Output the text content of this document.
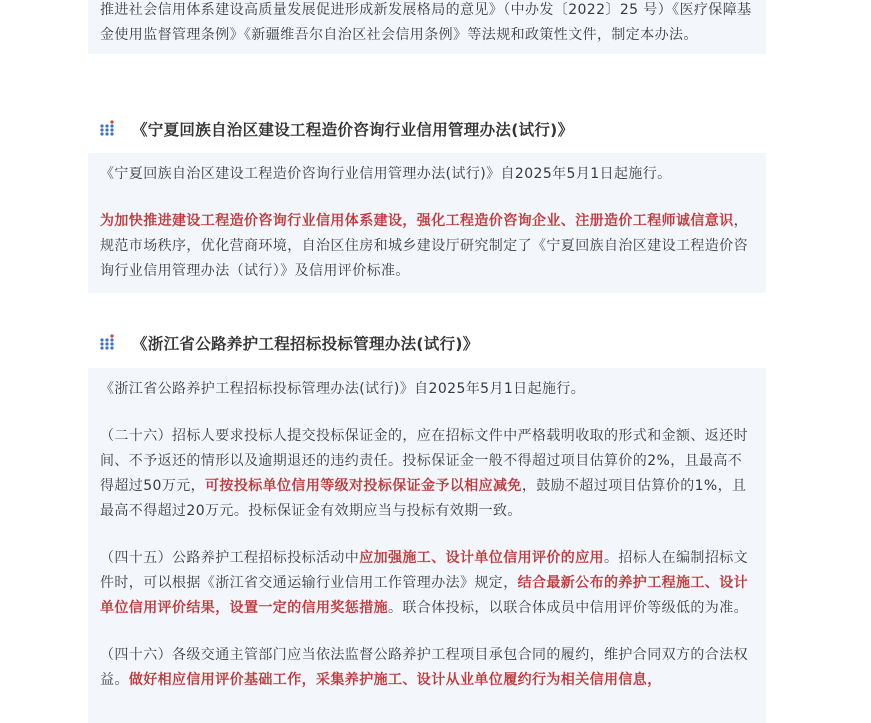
推进社会信用体系建设高质量发展促进形成新发展格局的意见》（中办发〔2022〕25 号）《医疗保障基金使用监督管理条例》《新疆维吾尔自治区社会信用条例》等法规和政策性文件，制定本办法。

《宁夏回族自治区建设工程造价咨询行业信用管理办法(试行)》

《宁夏回族自治区建设工程造价咨询行业信用管理办法(试行)》自2025年5月1日起施行。

为加快推进建设工程造价咨询行业信用体系建设，强化工程造价咨询企业、注册造价工程师诚信意识，规范市场秩序，优化营商环境，自治区住房和城乡建设厅研究制定了《宁夏回族自治区建设工程造价咨询行业信用管理办法（试行）》及信用评价标准。

《浙江省公路养护工程招标投标管理办法(试行)》

《浙江省公路养护工程招标投标管理办法(试行)》自2025年5月1日起施行。

（二十六）招标人要求投标人提交投标保证金的，应在招标文件中严格载明收取的形式和金额、返还时间、不予返还的情形以及逾期退还的违约责任。投标保证金一般不得超过项目估算价的2%，且最高不得超过50万元，可按投标单位信用等级对投标保证金予以相应减免，鼓励不超过项目估算价的1%，且最高不得超过20万元。投标保证金有效期应当与投标有效期一致。

（四十五）公路养护工程招标投标活动中应加强施工、设计单位信用评价的应用。招标人在编制招标文件时，可以根据《浙江省交通运输行业信用工作管理办法》规定，结合最新公布的养护工程施工、设计单位信用评价结果，设置一定的信用奖惩措施。联合体投标，以联合体成员中信用评价等级低的为准。

（四十六）各级交通主管部门应当依法监督公路养护工程项目承包合同的履约，维护合同双方的合法权益。做好相应信用评价基础工作，采集养护施工、设计从业单位履约行为相关信用信息，
